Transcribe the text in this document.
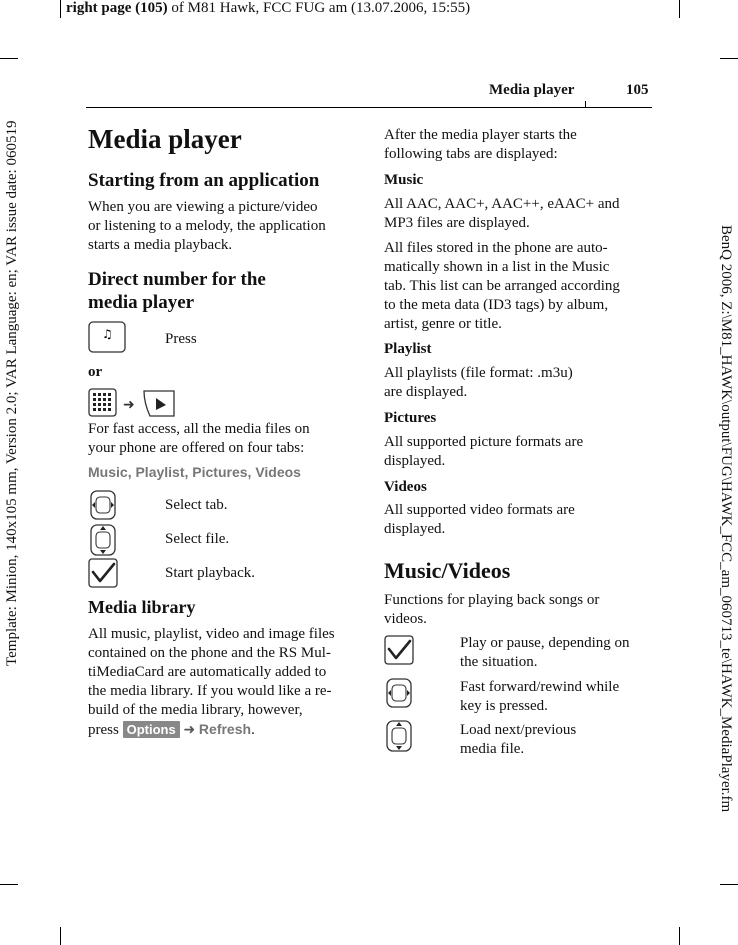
right page (105) of M81 Hawk, FCC FUG am (13.07.2006, 15:55)
Template: Minion, 140x105 mm, Version 2.0; VAR Language: en; VAR issue date: 060519	BenQ 2006, Z:\M81_HAWK\output\FUG\HAWK_FCC_am_060713_te\HAWK_MediaPlayer.fm
Media player	105
Media player
Starting from an application

When you are viewing a picture/video

or listening to a melody, the application

starts a media playback.

Direct number for the
media player
♫	Press

or
➜

For fast access, all the media files on

your phone are offered on four tabs:

Music, Playlist, Pictures, Videos

Select tab.

Select file.

Start playback.

Media library

All music, playlist, video and image files

contained on the phone and the RS Mul-

tiMediaCard are automatically added to

the media library. If you would like a re-

build of the media library, however,

press Options ➜ Refresh.

After the media player starts the

following tabs are displayed:

Music

All AAC, AAC+, AAC++, eAAC+ and

MP3 files are displayed.

All files stored in the phone are auto-

matically shown in a list in the Music

tab. This list can be arranged according

to the meta data (ID3 tags) by album,

artist, genre or title.

Playlist

All playlists (file format: .m3u)

are displayed.

Pictures

All supported picture formats are

displayed.

Videos

All supported video formats are

displayed.

Music/Videos

Functions for playing back songs or

videos.

Play or pause, depending on

the situation.

Fast forward/rewind while

key is pressed.

Load next/previous

media file.
